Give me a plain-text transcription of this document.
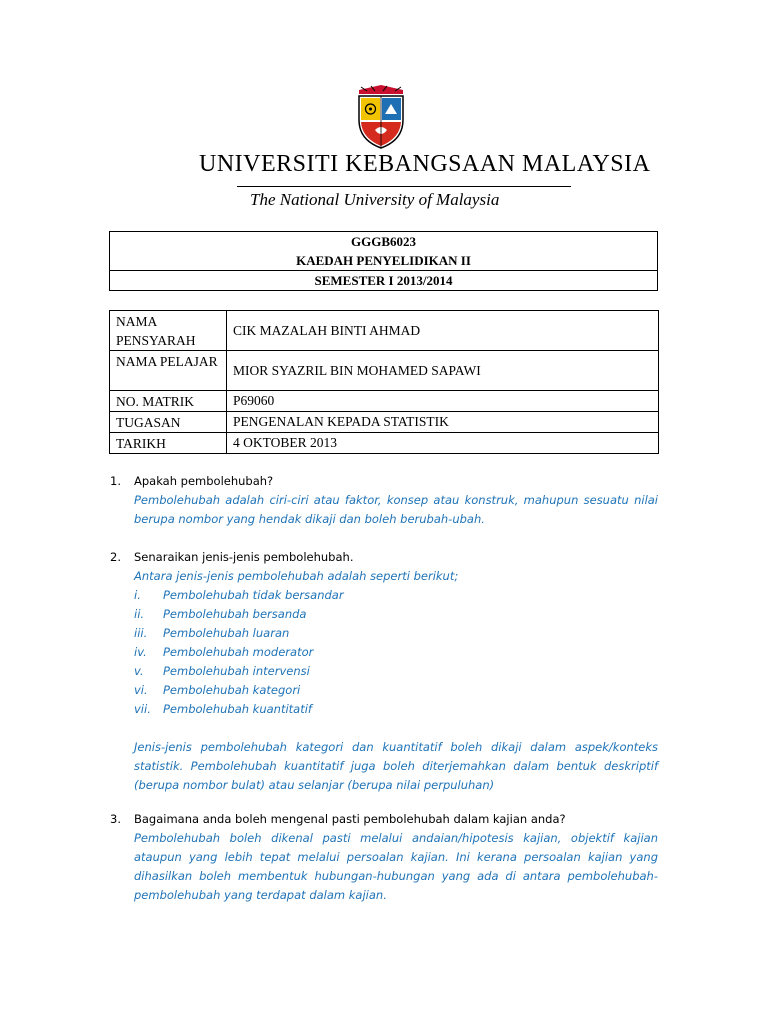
UNIVERSITI KEBANGSAAN MALAYSIA
The National University of Malaysia
GGGB6023
KAEDAH PENYELIDIKAN II
SEMESTER I 2013/2014
NAMA PENSYARAH	CIK MAZALAH BINTI AHMAD
NAMA PELAJAR	MIOR SYAZRIL BIN MOHAMED SAPAWI
NO. MATRIK	P69060
TUGASAN	PENGENALAN KEPADA STATISTIK
TARIKH	4 OKTOBER 2013
1.	Apakah pembolehubah?
Pembolehubah adalah ciri-ciri atau faktor, konsep atau konstruk, mahupun sesuatu nilai berupa nombor yang hendak dikaji dan boleh berubah-ubah.
2.	Senaraikan jenis-jenis pembolehubah.
Antara jenis-jenis pembolehubah adalah seperti berikut;
i. Pembolehubah tidak bersandar
ii. Pembolehubah bersanda
iii. Pembolehubah luaran
iv. Pembolehubah moderator
v. Pembolehubah intervensi
vi. Pembolehubah kategori
vii. Pembolehubah kuantitatif
Jenis-jenis pembolehubah kategori dan kuantitatif boleh dikaji dalam aspek/konteks statistik. Pembolehubah kuantitatif juga boleh diterjemahkan dalam bentuk deskriptif (berupa nombor bulat) atau selanjar (berupa nilai perpuluhan)
3.	Bagaimana anda boleh mengenal pasti pembolehubah dalam kajian anda?
Pembolehubah boleh dikenal pasti melalui andaian/hipotesis kajian, objektif kajian ataupun yang lebih tepat melalui persoalan kajian. Ini kerana persoalan kajian yang dihasilkan boleh membentuk hubungan-hubungan yang ada di antara pembolehubah-pembolehubah yang terdapat dalam kajian.
